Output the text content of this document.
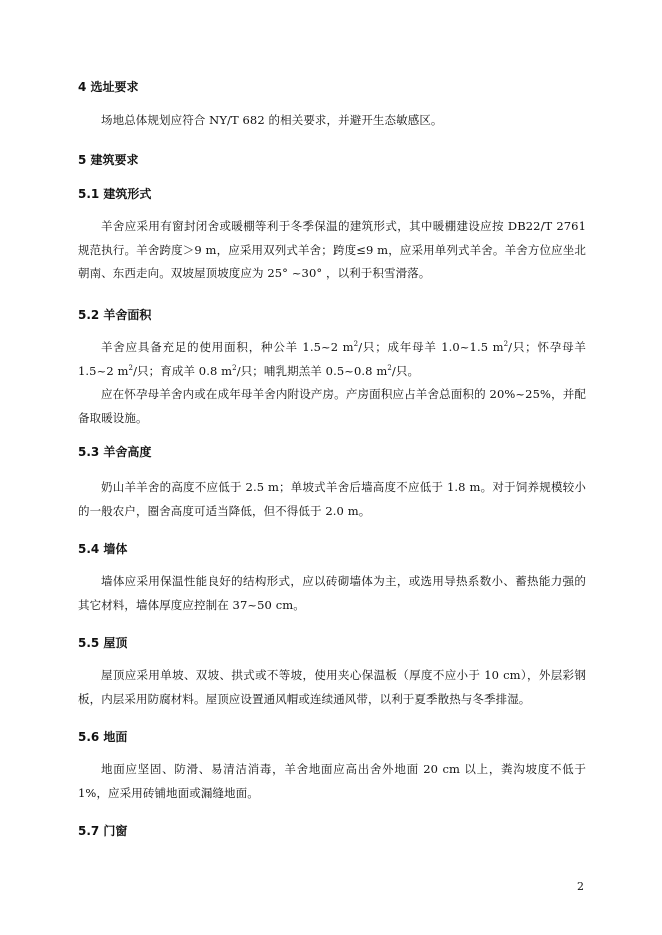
4 选址要求

场地总体规划应符合 NY/T 682 的相关要求，并避开生态敏感区。

5 建筑要求
5.1 建筑形式

羊舍应采用有窗封闭舍或暖棚等利于冬季保温的建筑形式，其中暖棚建设应按 DB22/T 2761 规范执行。羊舍跨度＞9 m，应采用双列式羊舍；跨度≤9 m，应采用单列式羊舍。羊舍方位应坐北朝南、东西走向。双坡屋顶坡度应为 25° ~30° ，以利于积雪滑落。

5.2 羊舍面积

羊舍应具备充足的使用面积，种公羊 1.5~2 $m^2/$只；成年母羊 1.0~1.5 $m^2/$只；怀孕母羊 1.5~2 $m^2/$只；育成羊 0.8 $m^2/$只；哺乳期羔羊 0.5~0.8 $m^2/$只。

应在怀孕母羊舍内或在成年母羊舍内附设产房。产房面积应占羊舍总面积的 20%~25%，并配备取暖设施。

5.3 羊舍高度

奶山羊羊舍的高度不应低于 2.5 m；单坡式羊舍后墙高度不应低于 1.8 m。对于饲养规模较小的一般农户，圈舍高度可适当降低，但不得低于 2.0 m。

5.4 墙体

墙体应采用保温性能良好的结构形式，应以砖砌墙体为主，或选用导热系数小、蓄热能力强的其它材料，墙体厚度应控制在 37~50 cm。

5.5 屋顶

屋顶应采用单坡、双坡、拱式或不等坡，使用夹心保温板（厚度不应小于 10 cm），外层彩钢板，内层采用防腐材料。屋顶应设置通风帽或连续通风带，以利于夏季散热与冬季排湿。

5.6 地面

地面应坚固、防滑、易清洁消毒，羊舍地面应高出舍外地面 20 cm 以上，粪沟坡度不低于 1%，应采用砖铺地面或漏缝地面。

5.7 门窗
2
